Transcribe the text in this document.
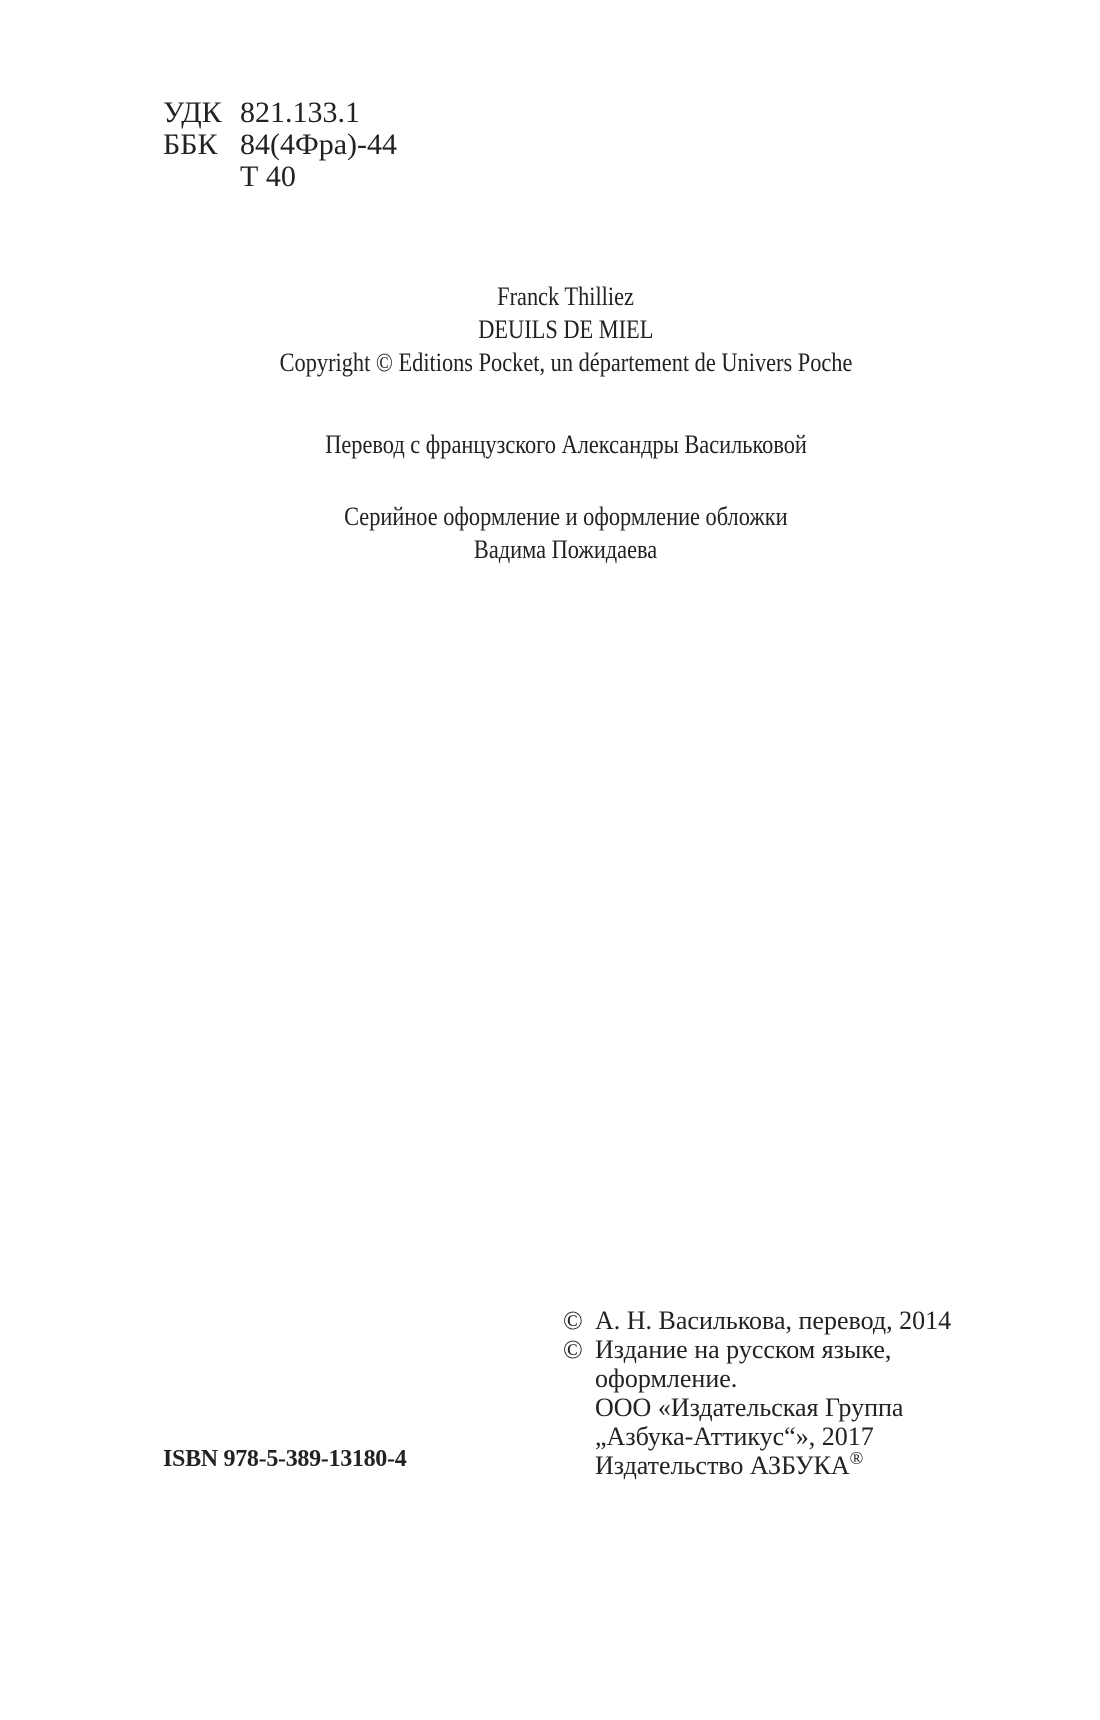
УДК 821.133.1
ББК 84(4Фра)-44
Т 40
Franck Thilliez
DEUILS DE MIEL
Copyright © Editions Pocket, un département de Univers Poche
Перевод с французского Александры Васильковой
Серийное оформление и оформление обложки
Вадима Пожидаева
© А. Н. Василькова, перевод, 2014
© Издание на русском языке,
оформление.
ООО «Издательская Группа
„Азбука-Аттикус“», 2017
Издательство АЗБУКА®
ISBN 978-5-389-13180-4
